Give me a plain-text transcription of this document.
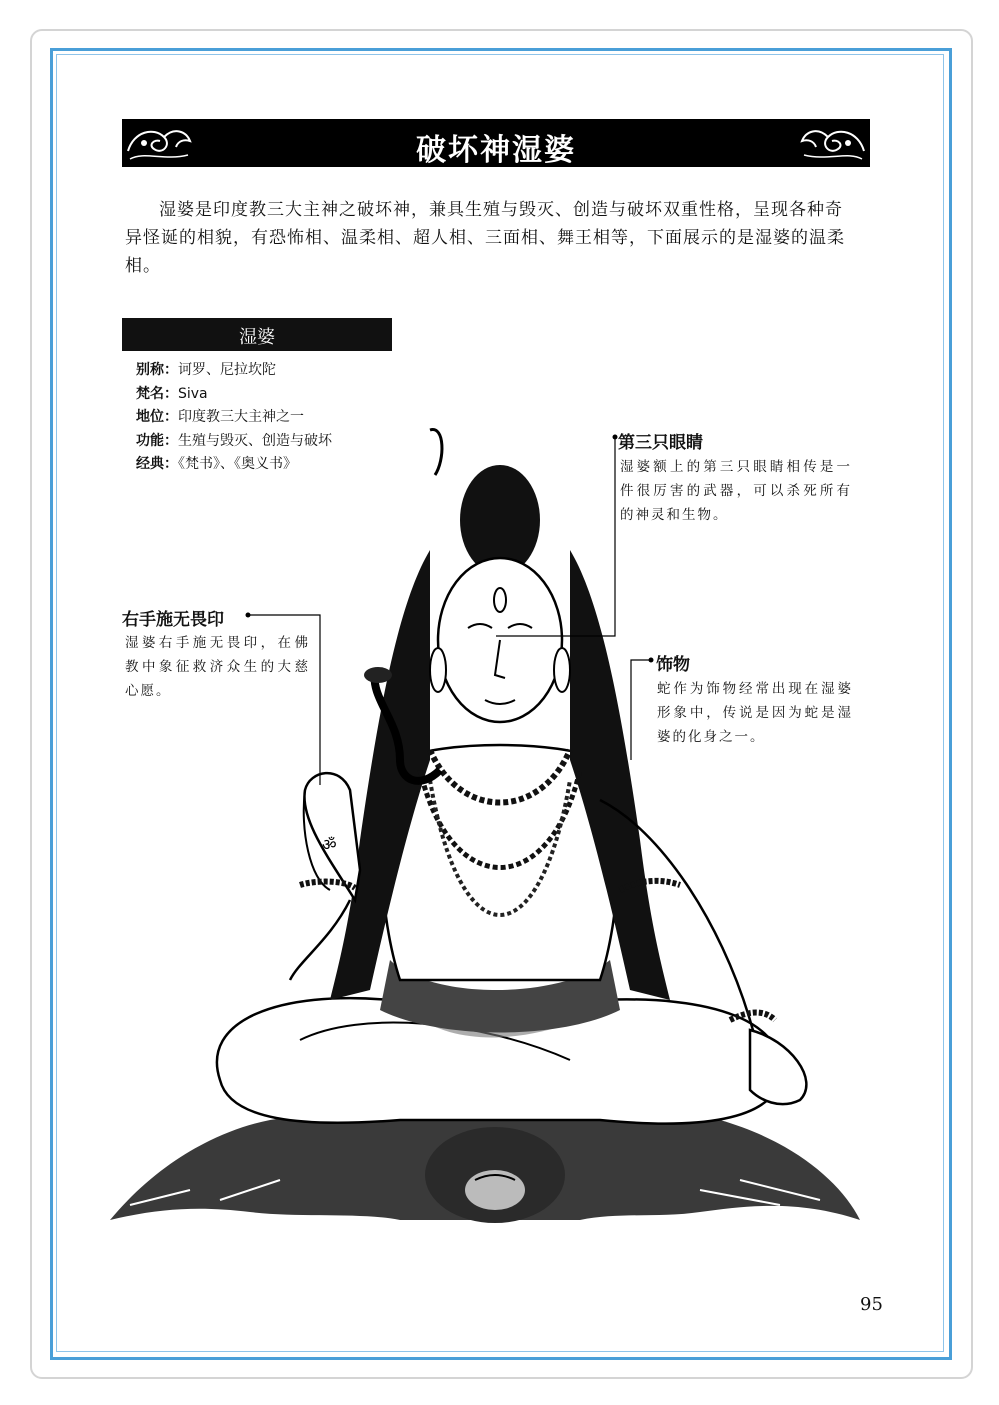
破坏神湿婆
湿婆是印度教三大主神之破坏神，兼具生殖与毁灭、创造与破坏双重性格，呈现各种奇异怪诞的相貌，有恐怖相、温柔相、超人相、三面相、舞王相等，下面展示的是湿婆的温柔相。
湿婆
别称：诃罗、尼拉坎陀
梵名：Siva
地位：印度教三大主神之一
功能：生殖与毁灭、创造与破坏
经典：《梵书》、《奥义书》
ॐ
第三只眼睛
湿婆额上的第三只眼睛相传是一件很厉害的武器，可以杀死所有的神灵和生物。
右手施无畏印
湿婆右手施无畏印，在佛教中象征救济众生的大慈心愿。
饰物
蛇作为饰物经常出现在湿婆形象中，传说是因为蛇是湿婆的化身之一。
95
